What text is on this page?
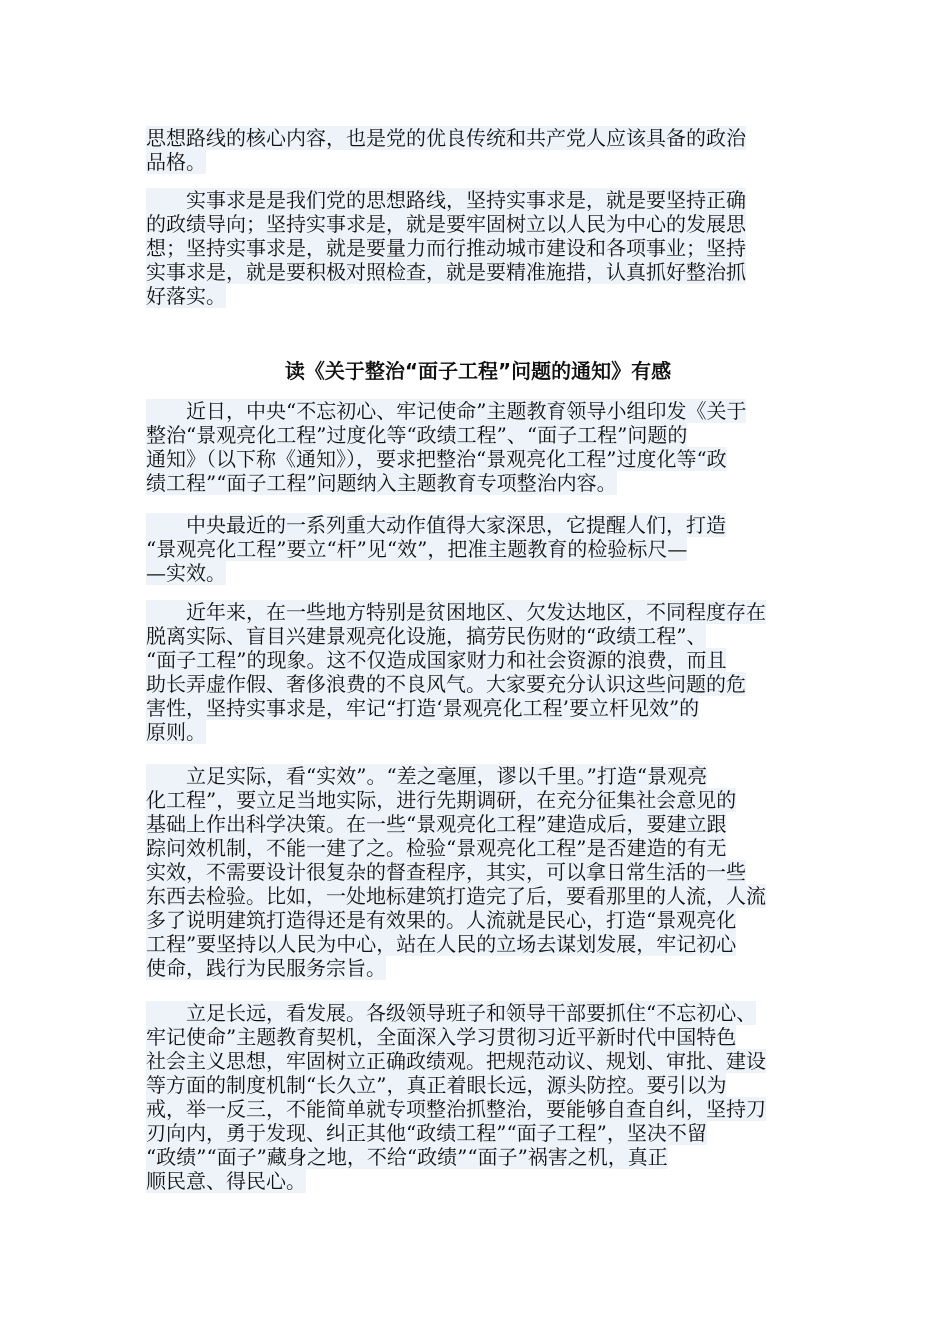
思想路线的核心内容，也是党的优良传统和共产党人应该具备的政治
品格。
　　实事求是是我们党的思想路线，坚持实事求是，就是要坚持正确
的政绩导向；坚持实事求是，就是要牢固树立以人民为中心的发展思
想；坚持实事求是，就是要量力而行推动城市建设和各项事业；坚持
实事求是，就是要积极对照检查，就是要精准施措，认真抓好整治抓
好落实。
读《关于整治“面子工程”问题的通知》有感
　　近日，中央“不忘初心、牢记使命”主题教育领导小组印发《关于
整治“景观亮化工程”过度化等“政绩工程”、“面子工程”问题的
通知》（以下称《通知》），要求把整治“景观亮化工程”过度化等“政
绩工程”“面子工程”问题纳入主题教育专项整治内容。
　　中央最近的一系列重大动作值得大家深思，它提醒人们，打造
“景观亮化工程”要立“杆”见“效”，把准主题教育的检验标尺—
—实效。
　　近年来，在一些地方特别是贫困地区、欠发达地区，不同程度存在
脱离实际、盲目兴建景观亮化设施，搞劳民伤财的“政绩工程”、
“面子工程”的现象。这不仅造成国家财力和社会资源的浪费，而且
助长弄虚作假、奢侈浪费的不良风气。大家要充分认识这些问题的危
害性，坚持实事求是，牢记“打造‘景观亮化工程’要立杆见效”的
原则。
　　立足实际，看“实效”。“差之毫厘，谬以千里。”打造“景观亮
化工程”，要立足当地实际，进行先期调研，在充分征集社会意见的
基础上作出科学决策。在一些“景观亮化工程”建造成后，要建立跟
踪问效机制，不能一建了之。检验“景观亮化工程”是否建造的有无
实效，不需要设计很复杂的督查程序，其实，可以拿日常生活的一些
东西去检验。比如，一处地标建筑打造完了后，要看那里的人流，人流
多了说明建筑打造得还是有效果的。人流就是民心，打造“景观亮化
工程”要坚持以人民为中心，站在人民的立场去谋划发展，牢记初心
使命，践行为民服务宗旨。
　　立足长远，看发展。各级领导班子和领导干部要抓住“不忘初心、
牢记使命”主题教育契机，全面深入学习贯彻习近平新时代中国特色
社会主义思想，牢固树立正确政绩观。把规范动议、规划、审批、建设
等方面的制度机制“长久立”，真正着眼长远，源头防控。要引以为
戒，举一反三，不能简单就专项整治抓整治，要能够自查自纠，坚持刀
刃向内，勇于发现、纠正其他“政绩工程”“面子工程”，坚决不留
“政绩”“面子”藏身之地，不给“政绩”“面子”祸害之机，真正
顺民意、得民心。
